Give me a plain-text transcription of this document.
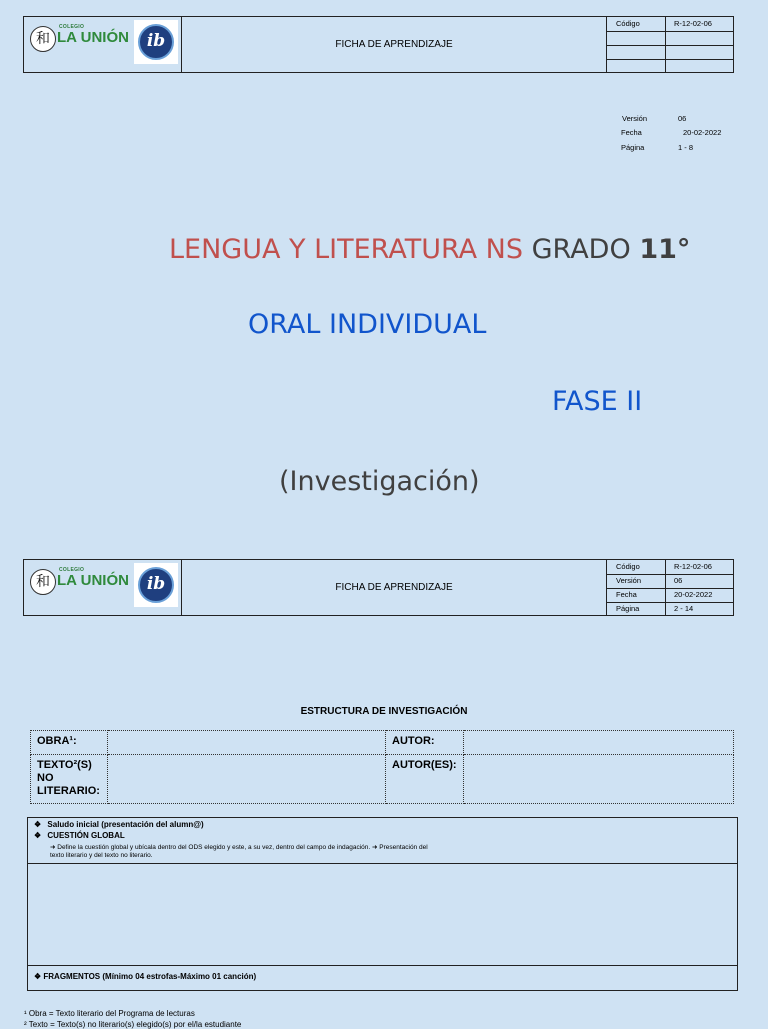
和
COLEGIO
LA UNIÓN	ib	FICHA DE APRENDIZAJE
Código	R-12-02-06
Versión	06
Fecha	20-02-2022
Página	1 - 8
LENGUA Y LITERATURA NS GRADO 11°
ORAL INDIVIDUAL
FASE II
(Investigación)
和
COLEGIO
LA UNIÓN	ib	FICHA DE APRENDIZAJE
Código	R-12-02-06
Versión	06
Fecha	20-02-2022
Página	2 - 14
ESTRUCTURA DE INVESTIGACIÓN
OBRA¹:		AUTOR:	
TEXTO²(S) NO LITERARIO:		AUTOR(ES):	
❖ Saludo inicial (presentación del alumn@)
❖ CUESTIÓN GLOBAL
➜ Define la cuestión global y ubícala dentro del ODS elegido y este, a su vez, dentro del campo de indagación. ➜ Presentación del
texto literario y del texto no literario.
❖ FRAGMENTOS (Mínimo 04 estrofas-Máximo 01 canción)
¹ Obra = Texto literario del Programa de lecturas
² Texto = Texto(s) no literario(s) elegido(s) por el/la estudiante
